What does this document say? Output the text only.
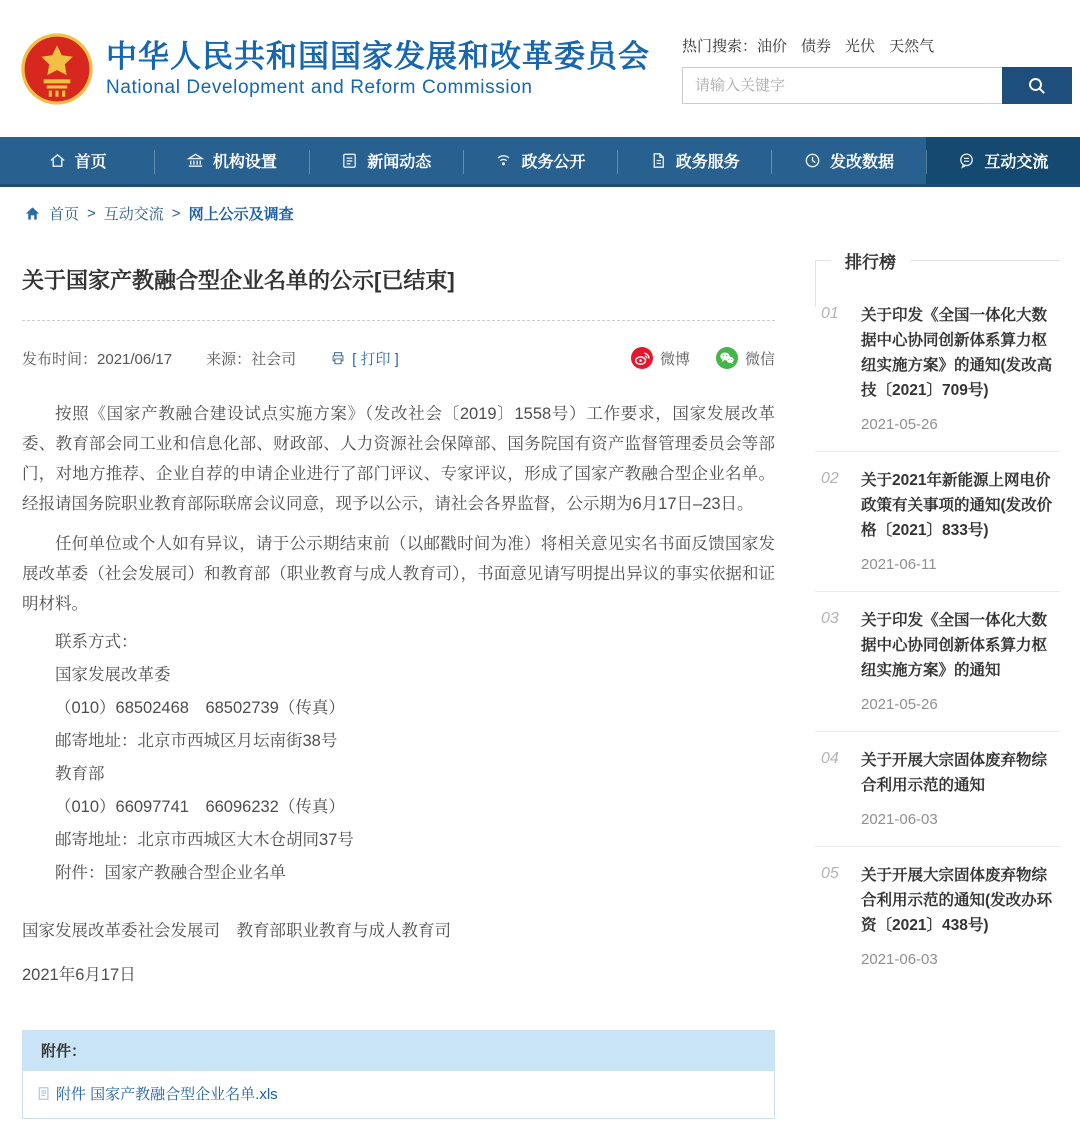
中华人民共和国国家发展和改革委员会
National Development and Reform Commission
热门搜索：油价 债券 光伏 天然气
请输入关键字
首页	机构设置	新闻动态	政务公开	政务服务	发改数据	互动交流
首页 > 互动交流 > 网上公示及调查
关于国家产教融合型企业名单的公示[已结束]
发布时间：2021/06/17 来源：社会司	[ 打印 ]	微博	微信

按照《国家产教融合建设试点实施方案》（发改社会〔2019〕1558号）工作要求，国家发展改革委、教育部会同工业和信息化部、财政部、人力资源社会保障部、国务院国有资产监督管理委员会等部门，对地方推荐、企业自荐的申请企业进行了部门评议、专家评议，形成了国家产教融合型企业名单。经报请国务院职业教育部际联席会议同意，现予以公示，请社会各界监督，公示期为6月17日–23日。

任何单位或个人如有异议，请于公示期结束前（以邮戳时间为准）将相关意见实名书面反馈国家发展改革委（社会发展司）和教育部（职业教育与成人教育司），书面意见请写明提出异议的事实依据和证明材料。

联系方式：

国家发展改革委

（010）68502468　68502739（传真）

邮寄地址：北京市西城区月坛南街38号

教育部

（010）66097741　66096232（传真）

邮寄地址：北京市西城区大木仓胡同37号

附件：国家产教融合型企业名单

国家发展改革委社会发展司　教育部职业教育与成人教育司

2021年6月17日

附件：
附件 国家产教融合型企业名单.xls
排行榜
01	关于印发《全国一体化大数据中心协同创新体系算力枢纽实施方案》的通知(发改高技〔2021〕709号)
2021-05-26
02	关于2021年新能源上网电价政策有关事项的通知(发改价格〔2021〕833号)
2021-06-11
03	关于印发《全国一体化大数据中心协同创新体系算力枢纽实施方案》的通知
2021-05-26
04	关于开展大宗固体废弃物综合利用示范的通知
2021-06-03
05	关于开展大宗固体废弃物综合利用示范的通知(发改办环资〔2021〕438号)
2021-06-03
